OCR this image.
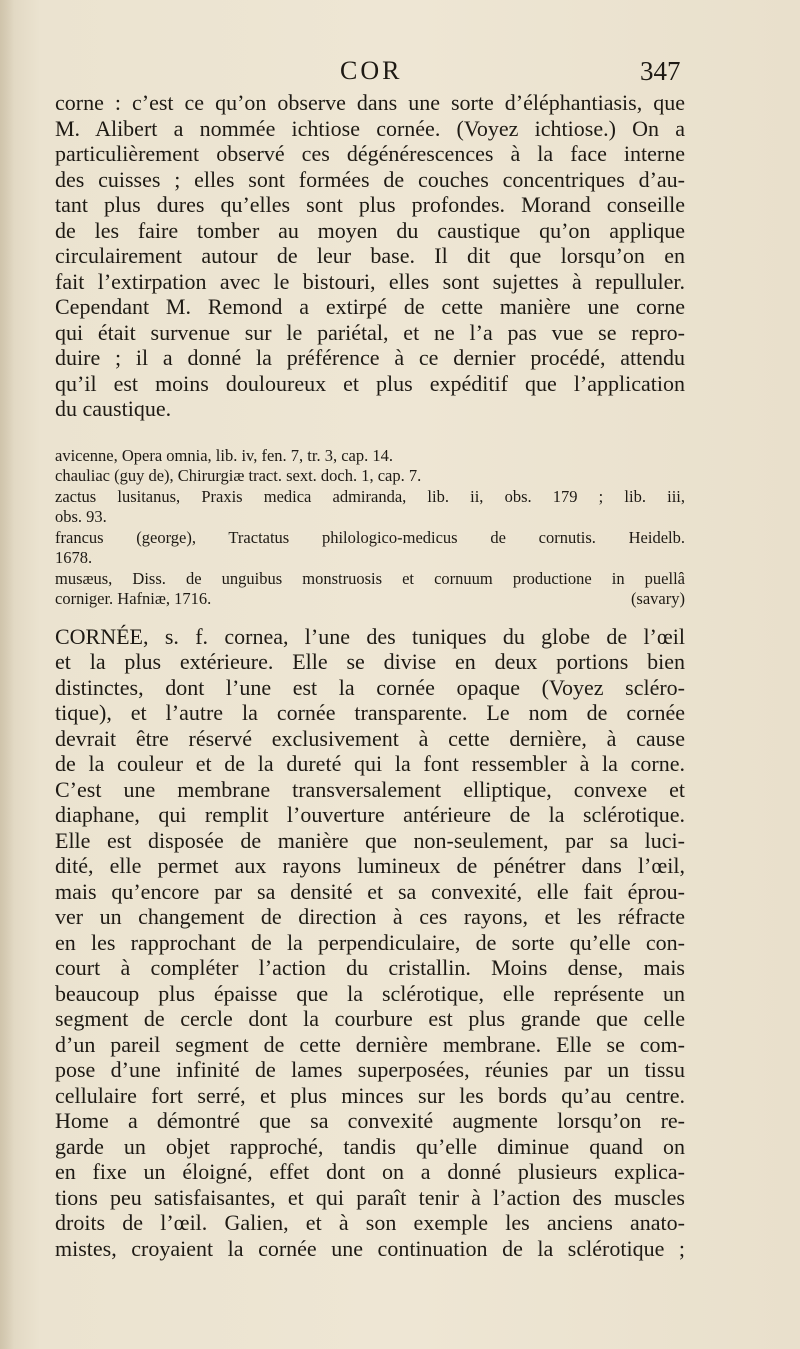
COR	347
corne : c’est ce qu’on observe dans une sorte d’éléphantiasis, que
M. Alibert a nommée ichtiose cornée. (Voyez ichtiose.) On a
particulièrement observé ces dégénérescences à la face interne
des cuisses ; elles sont formées de couches concentriques d’au-
tant plus dures qu’elles sont plus profondes. Morand conseille
de les faire tomber au moyen du caustique qu’on applique
circulairement autour de leur base. Il dit que lorsqu’on en
fait l’extirpation avec le bistouri, elles sont sujettes à repulluler.
Cependant M. Remond a extirpé de cette manière une corne
qui était survenue sur le pariétal, et ne l’a pas vue se repro-
duire ; il a donné la préférence à ce dernier procédé, attendu
qu’il est moins douloureux et plus expéditif que l’application
du caustique.
avicenne, Opera omnia, lib. iv, fen. 7, tr. 3, cap. 14.
chauliac (guy de), Chirurgiæ tract. sext. doch. 1, cap. 7.
zactus lusitanus, Praxis medica admiranda, lib. ii, obs. 179 ; lib. iii,
obs. 93.
francus (george), Tractatus philologico-medicus de cornutis. Heidelb.
1678.
musæus, Diss. de unguibus monstruosis et cornuum productione in puellâ
corniger. Hafniæ, 1716.	(savary)
CORNÉE, s. f. cornea, l’une des tuniques du globe de l’œil
et la plus extérieure. Elle se divise en deux portions bien
distinctes, dont l’une est la cornée opaque (Voyez scléro-
tique), et l’autre la cornée transparente. Le nom de cornée
devrait être réservé exclusivement à cette dernière, à cause
de la couleur et de la dureté qui la font ressembler à la corne.
C’est une membrane transversalement elliptique, convexe et
diaphane, qui remplit l’ouverture antérieure de la sclérotique.
Elle est disposée de manière que non-seulement, par sa luci-
dité, elle permet aux rayons lumineux de pénétrer dans l’œil,
mais qu’encore par sa densité et sa convexité, elle fait éprou-
ver un changement de direction à ces rayons, et les réfracte
en les rapprochant de la perpendiculaire, de sorte qu’elle con-
court à compléter l’action du cristallin. Moins dense, mais
beaucoup plus épaisse que la sclérotique, elle représente un
segment de cercle dont la courbure est plus grande que celle
d’un pareil segment de cette dernière membrane. Elle se com-
pose d’une infinité de lames superposées, réunies par un tissu
cellulaire fort serré, et plus minces sur les bords qu’au centre.
Home a démontré que sa convexité augmente lorsqu’on re-
garde un objet rapproché, tandis qu’elle diminue quand on
en fixe un éloigné, effet dont on a donné plusieurs explica-
tions peu satisfaisantes, et qui paraît tenir à l’action des muscles
droits de l’œil. Galien, et à son exemple les anciens anato-
mistes, croyaient la cornée une continuation de la sclérotique ;
